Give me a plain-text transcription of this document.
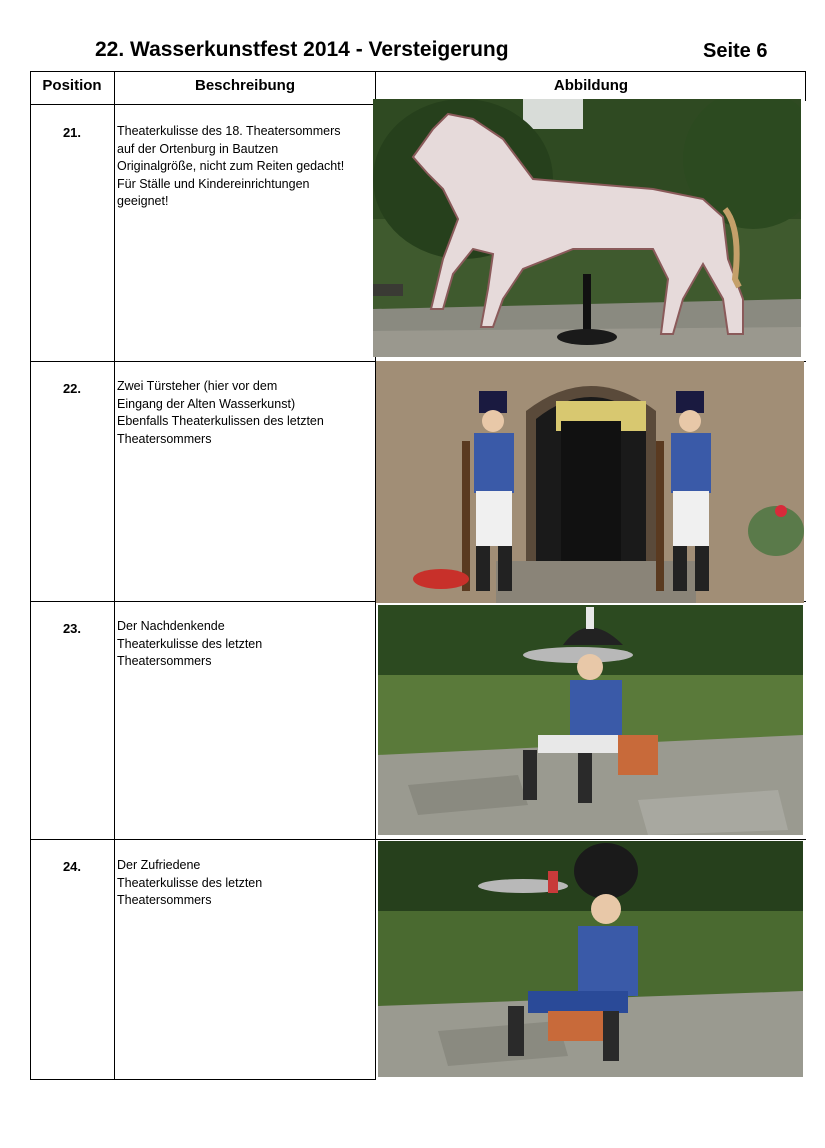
22. Wasserkunstfest 2014 - Versteigerung	Seite 6
Position	Beschreibung	Abbildung
21.	Theaterkulisse des 18. Theatersommers
auf der Ortenburg in Bautzen
Originalgröße, nicht zum Reiten gedacht!
Für Ställe und Kindereinrichtungen
geeignet!
22.	Zwei Türsteher (hier vor dem
Eingang der Alten Wasserkunst)
Ebenfalls Theaterkulissen des letzten
Theatersommers
23.	Der Nachdenkende
Theaterkulisse des letzten
Theatersommers
24.	Der Zufriedene
Theaterkulisse des letzten
Theatersommers
